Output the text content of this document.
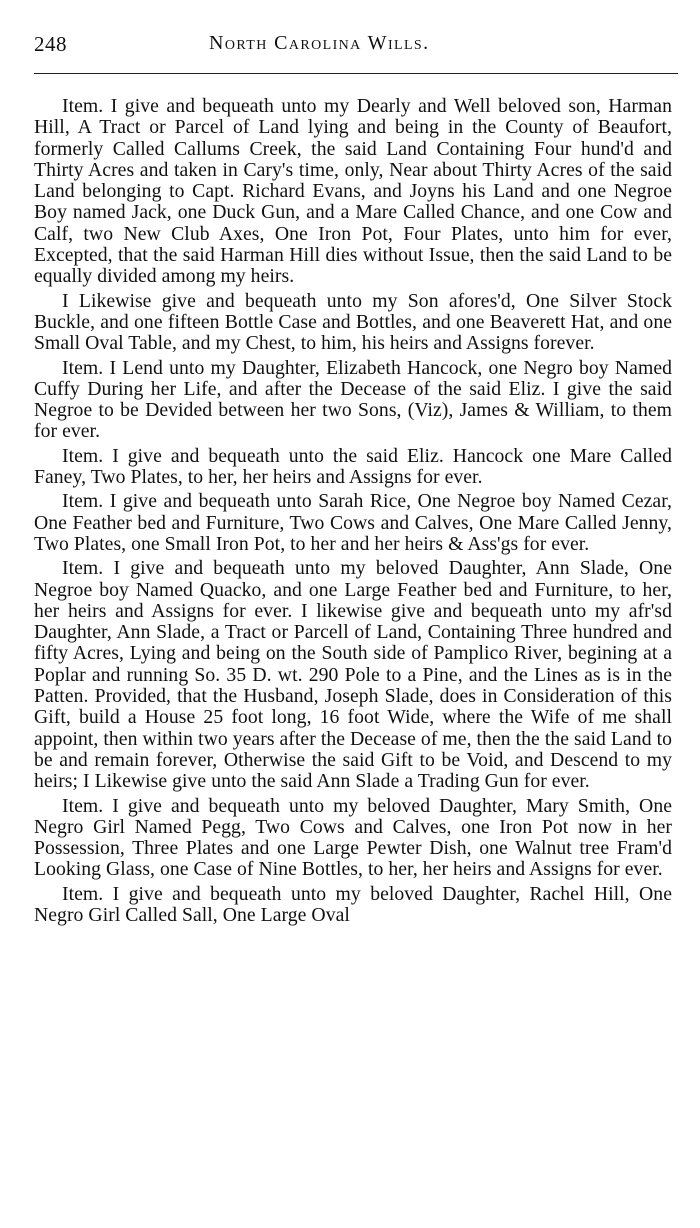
248	North Carolina Wills.

Item. I give and bequeath unto my Dearly and Well beloved son, Harman Hill, A Tract or Parcel of Land lying and being in the County of Beaufort, formerly Called Callums Creek, the said Land Containing Four hund'd and Thirty Acres and taken in Cary's time, only, Near about Thirty Acres of the said Land belonging to Capt. Richard Evans, and Joyns his Land and one Negroe Boy named Jack, one Duck Gun, and a Mare Called Chance, and one Cow and Calf, two New Club Axes, One Iron Pot, Four Plates, unto him for ever, Excepted, that the said Harman Hill dies without Issue, then the said Land to be equally divided among my heirs.

I Likewise give and bequeath unto my Son afores'd, One Silver Stock Buckle, and one fifteen Bottle Case and Bottles, and one Beaverett Hat, and one Small Oval Table, and my Chest, to him, his heirs and Assigns forever.

Item. I Lend unto my Daughter, Elizabeth Hancock, one Negro boy Named Cuffy During her Life, and after the Decease of the said Eliz. I give the said Negroe to be Devided between her two Sons, (Viz), James & William, to them for ever.

Item. I give and bequeath unto the said Eliz. Hancock one Mare Called Faney, Two Plates, to her, her heirs and Assigns for ever.

Item. I give and bequeath unto Sarah Rice, One Negroe boy Named Cezar, One Feather bed and Furniture, Two Cows and Calves, One Mare Called Jenny, Two Plates, one Small Iron Pot, to her and her heirs & Ass'gs for ever.

Item. I give and bequeath unto my beloved Daughter, Ann Slade, One Negroe boy Named Quacko, and one Large Feather bed and Furniture, to her, her heirs and Assigns for ever. I likewise give and bequeath unto my afr'sd Daughter, Ann Slade, a Tract or Parcell of Land, Containing Three hundred and fifty Acres, Lying and being on the South side of Pamplico River, begining at a Poplar and running So. 35 D. wt. 290 Pole to a Pine, and the Lines as is in the Patten. Provided, that the Husband, Joseph Slade, does in Consideration of this Gift, build a House 25 foot long, 16 foot Wide, where the Wife of me shall appoint, then within two years after the Decease of me, then the the said Land to be and remain forever, Otherwise the said Gift to be Void, and Descend to my heirs; I Likewise give unto the said Ann Slade a Trading Gun for ever.

Item. I give and bequeath unto my beloved Daughter, Mary Smith, One Negro Girl Named Pegg, Two Cows and Calves, one Iron Pot now in her Possession, Three Plates and one Large Pewter Dish, one Walnut tree Fram'd Looking Glass, one Case of Nine Bottles, to her, her heirs and Assigns for ever.

Item. I give and bequeath unto my beloved Daughter, Rachel Hill, One Negro Girl Called Sall, One Large Oval
